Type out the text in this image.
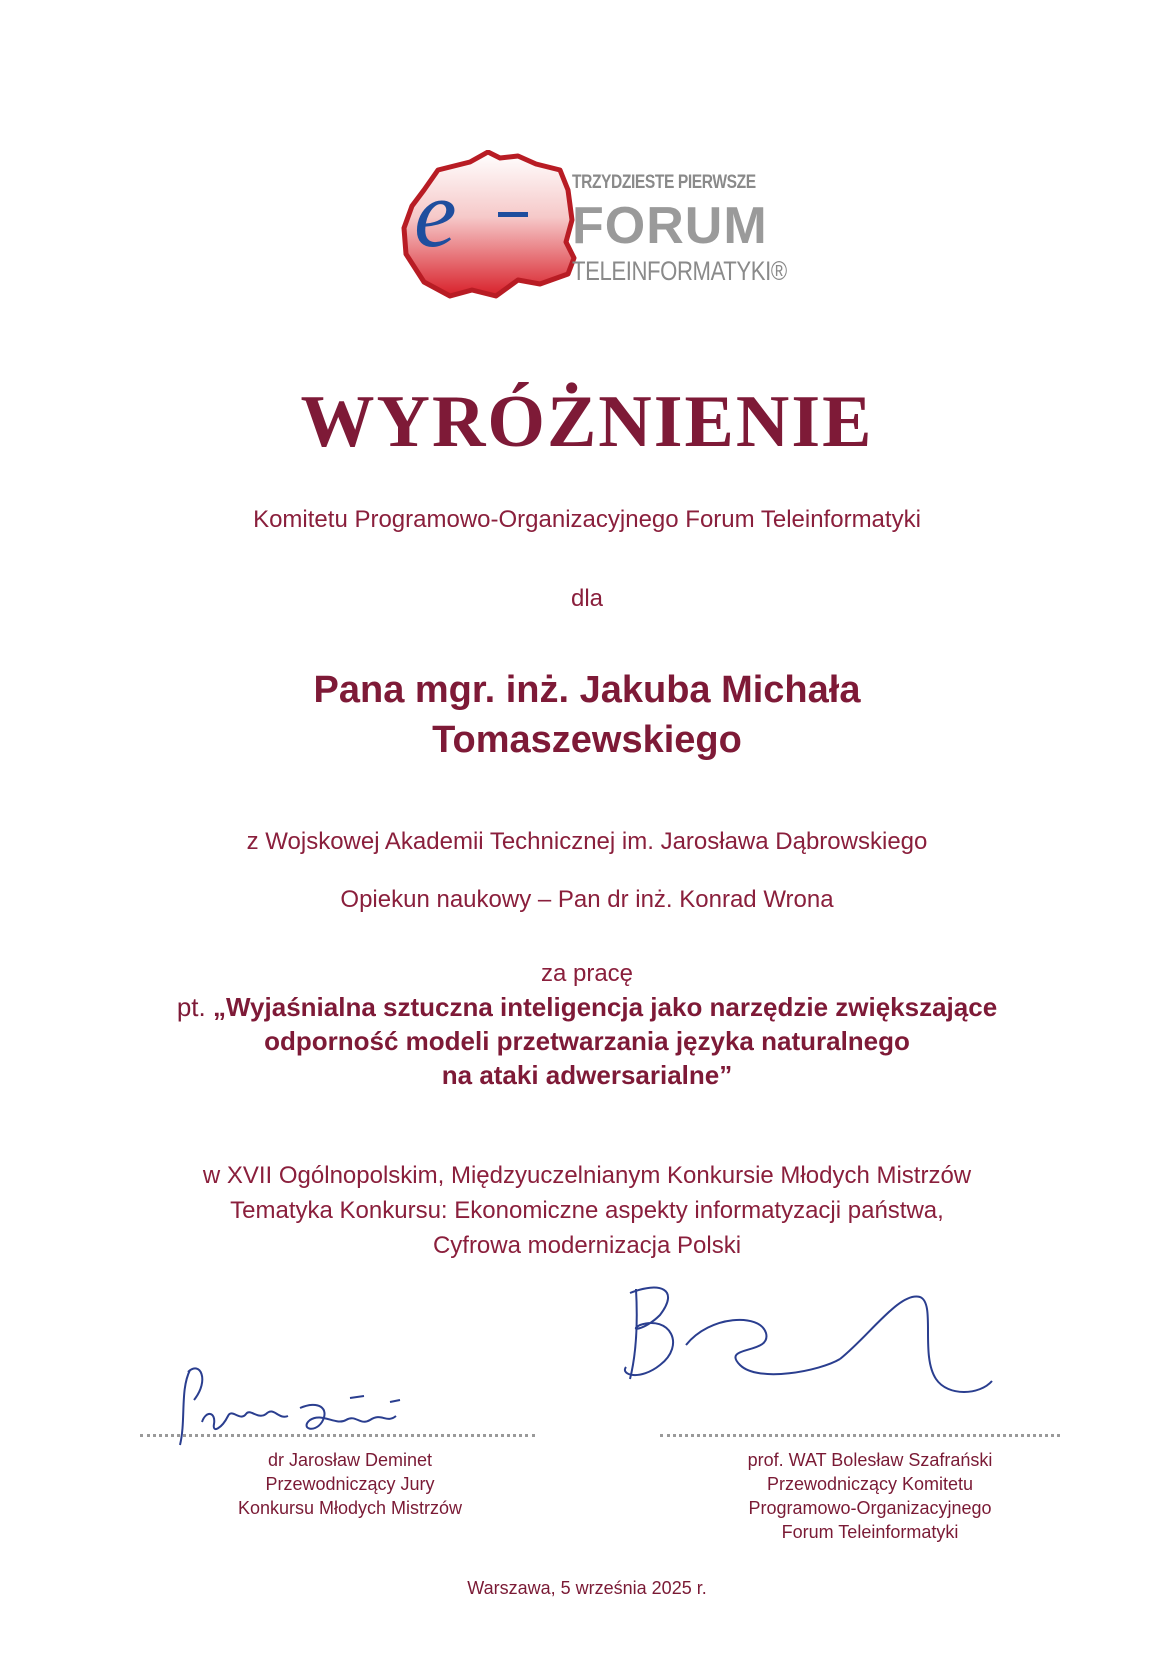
e	TRZYDZIESTE PIERWSZE
FORUM
TELEINFORMATYKI®
WYRÓŻNIENIE
Komitetu Programowo-Organizacyjnego Forum Teleinformatyki
dla
Pana mgr. inż. Jakuba Michała
Tomaszewskiego
z Wojskowej Akademii Technicznej im. Jarosława Dąbrowskiego
Opiekun naukowy – Pan dr inż. Konrad Wrona
za pracę
pt. „Wyjaśnialna sztuczna inteligencja jako narzędzie zwiększające
odporność modeli przetwarzania języka naturalnego
na ataki adwersarialne”
w XVII Ogólnopolskim, Międzyuczelnianym Konkursie Młodych Mistrzów
Tematyka Konkursu: Ekonomiczne aspekty informatyzacji państwa,
Cyfrowa modernizacja Polski
dr Jarosław Deminet
Przewodniczący Jury
Konkursu Młodych Mistrzów
prof. WAT Bolesław Szafrański
Przewodniczący Komitetu
Programowo-Organizacyjnego
Forum Teleinformatyki
Warszawa, 5 września 2025 r.
